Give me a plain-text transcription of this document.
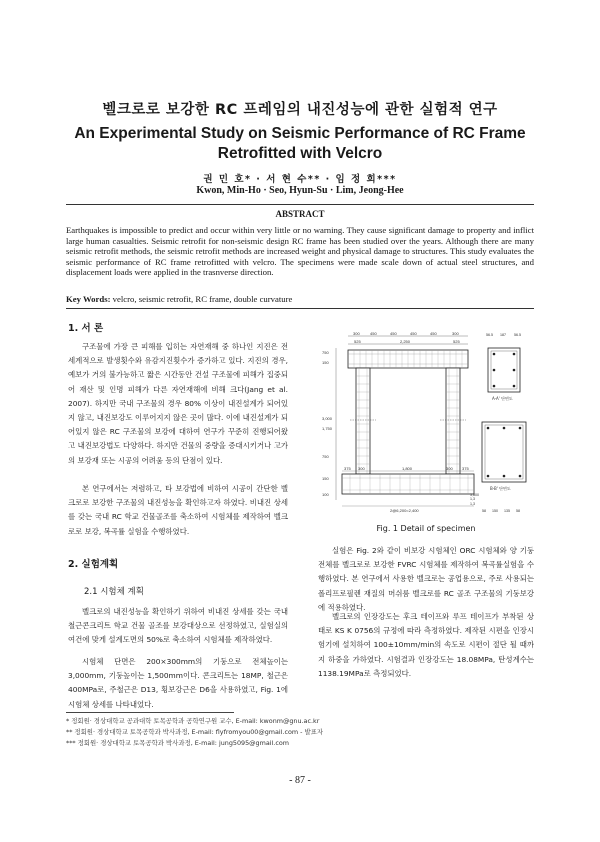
벨크로로 보강한 RC 프레임의 내진성능에 관한 실험적 연구
An Experimental Study on Seismic Performance of RC Frame Retrofitted with Velcro
권 민 호* · 서 현 수** · 임 정 희***
Kwon, Min-Ho · Seo, Hyun-Su · Lim, Jeong-Hee
ABSTRACT
Earthquakes is impossible to predict and occur within very little or no warning. They cause significant damage to property and inflict large human casualties. Seismic retrofit for non-seismic design RC frame has been studied over the years. Although there are many seismic retrofit methods, the seismic retrofit methods are increased weight and physical damage to structures. This study evaluates the seismic performance of RC frame retrofitted with velcro. The specimens were made scale down of actual steel structures, and displacement loads were applied in the trasnverse direction.
Key Words: velcro, seismic retrofit, RC frame, double curvature
1. 서 론
구조물에 가장 큰 피해를 입히는 자연재해 중 하나인 지진은 전 세계적으로 발생횟수와 유감지진횟수가 증가하고 있다. 지진의 경우, 예보가 거의 불가능하고 짧은 시간동안 건설 구조물에 피해가 집중되어 재산 및 인명 피해가 다른 자연재해에 비해 크다(Jang et al. 2007). 하지만 국내 구조물의 경우 80% 이상이 내진설계가 되어있지 않고, 내진보강도 이루어지지 않은 곳이 많다. 이에 내진설계가 되어있지 않은 RC 구조물의 보강에 대하여 연구가 꾸준히 진행되어왔고 내진보강법도 다양하다. 하지만 건물의 중량을 증대시키거나 고가의 보강재 또는 시공의 어려움 등의 단점이 있다.
본 연구에서는 저렴하고, 타 보강법에 비하여 시공이 간단한 벨크로로 보강한 구조물의 내진성능을 확인하고자 하였다. 비내진 상세를 갖는 국내 RC 학교 건물골조를 축소하여 시험체를 제작하여 벨크로로 보강, 복곡률 실험을 수행하였다.
2. 실험계획
2.1 시험체 계획
벨크로의 내진성능을 확인하기 위하여 비내진 상세를 갖는 국내 철근콘크리트 학교 건물 골조를 보강대상으로 선정하였고, 실험실의 여건에 맞게 설계도면의 50%로 축소하여 시험체를 제작하였다.
시험체 단면은 200×300mm의 기둥으로 전체높이는 3,000mm, 기둥높이는 1,500mm이다. 콘크리트는 18MP, 철근은 400MPa로, 주철근은 D13, 횡보강근은 D6을 사용하였고, Fig. 1에 시험체 상세를 나타내었다.
300	450	450	450	450	300
525	2,250	525
750
150
3,000
1,750
750
150
100
375 300	1,800	300 375
2@6,200=2,400
56.5 187 56.5
A-A' 단면도
B-B' 단면도
58 150 135 58
1,3
1,3
3,800
Fig. 1 Detail of specimen
실험은 Fig. 2와 같이 비보강 시험체인 ORC 시험체와 양 기둥 전체를 벨크로로 보강한 FVRC 시험체를 제작하여 복곡률실험을 수행하였다. 본 연구에서 사용한 벨크로는 공업용으로, 주로 사용되는 폴리프로필렌 재질의 머쉬룸 벨크로를 RC 골조 구조물의 기둥보강에 적용하였다.
벨크로의 인장강도는 후크 테이프와 루프 테이프가 부착된 상태로 KS K 0756의 규정에 따라 측정하였다. 제작된 시편을 인장시험기에 설치하여 100±10mm/min의 속도로 시편이 절단 될 때까지 하중을 가하였다. 시험결과 인장강도는 18.08MPa, 탄성계수는 1138.19MPa로 측정되었다.
* 정회원· 경상대학교 공과대학 토목공학과 공학연구원 교수, E-mail: kwonm@gnu.ac.kr
** 정회원· 경상대학교 토목공학과 박사과정, E-mail: flyfromyou00@gmail.com - 발표자
*** 정회원· 경상대학교 토목공학과 박사과정, E-mail: jung5095@gmail.com
- 87 -
